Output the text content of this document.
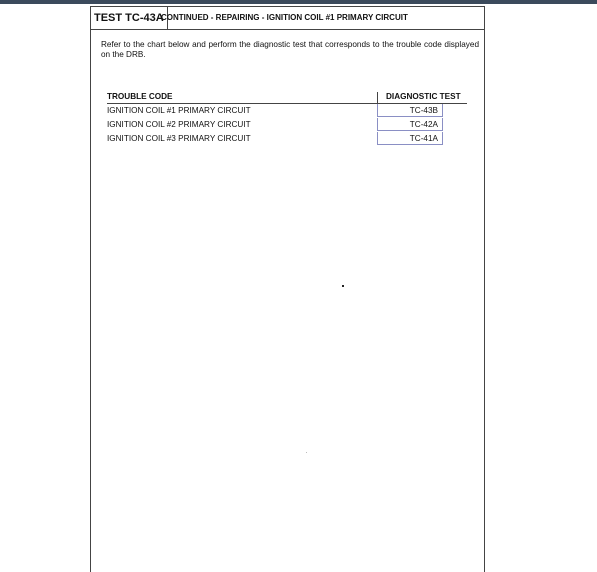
TEST TC-43A
CONTINUED - REPAIRING - IGNITION COIL #1 PRIMARY CIRCUIT
Refer to the chart below and perform the diagnostic test that corresponds to the trouble code displayed on the DRB.
TROUBLE CODE	DIAGNOSTIC TEST
IGNITION COIL #1 PRIMARY CIRCUIT	TC-43B
IGNITION COIL #2 PRIMARY CIRCUIT	TC-42A
IGNITION COIL #3 PRIMARY CIRCUIT	TC-41A
